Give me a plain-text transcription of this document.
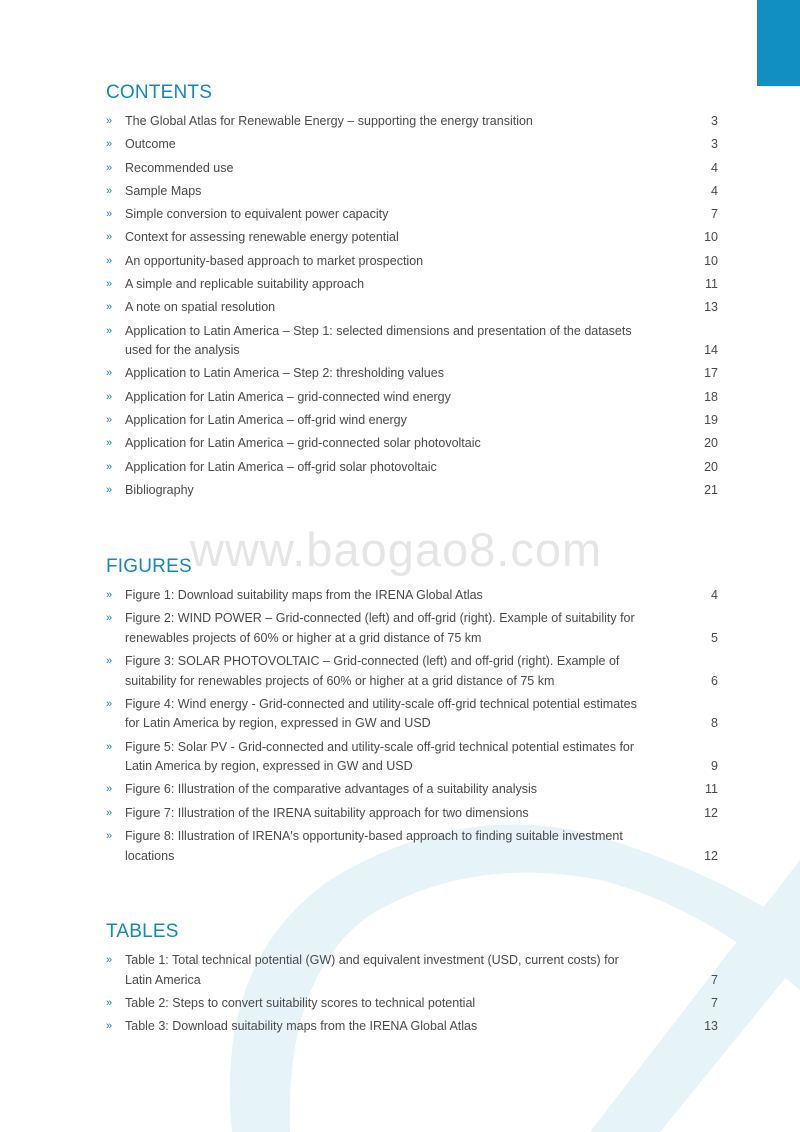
www.baogao8.com
CONTENTS
»	The Global Atlas for Renewable Energy – supporting the energy transition	3
»	Outcome	3
»	Recommended use	4
»	Sample Maps	4
»	Simple conversion to equivalent power capacity	7
»	Context for assessing renewable energy potential	10
»	An opportunity-based approach to market prospection	10
»	A simple and replicable suitability approach	11
»	A note on spatial resolution	13
»	Application to Latin America – Step 1: selected dimensions and presentation of the datasets used for the analysis	14
»	Application to Latin America – Step 2: thresholding values	17
»	Application for Latin America – grid-connected wind energy	18
»	Application for Latin America – off-grid wind energy	19
»	Application for Latin America – grid-connected solar photovoltaic	20
»	Application for Latin America – off-grid solar photovoltaic	20
»	Bibliography	21
FIGURES
»	Figure 1: Download suitability maps from the IRENA Global Atlas	4
»	Figure 2: WIND POWER – Grid-connected (left) and off-grid (right). Example of suitability for renewables projects of 60% or higher at a grid distance of 75 km	5
»	Figure 3: SOLAR PHOTOVOLTAIC – Grid-connected (left) and off-grid (right). Example of suitability for renewables projects of 60% or higher at a grid distance of 75 km	6
»	Figure 4: Wind energy - Grid-connected and utility-scale off-grid technical potential estimates for Latin America by region, expressed in GW and USD	8
»	Figure 5: Solar PV - Grid-connected and utility-scale off-grid technical potential estimates for Latin America by region, expressed in GW and USD	9
»	Figure 6: Illustration of the comparative advantages of a suitability analysis	11
»	Figure 7: Illustration of the IRENA suitability approach for two dimensions	12
»	Figure 8: Illustration of IRENA's opportunity-based approach to finding suitable investment locations	12
TABLES
»	Table 1: Total technical potential (GW) and equivalent investment (USD, current costs) for Latin America	7
»	Table 2: Steps to convert suitability scores to technical potential	7
»	Table 3: Download suitability maps from the IRENA Global Atlas	13
